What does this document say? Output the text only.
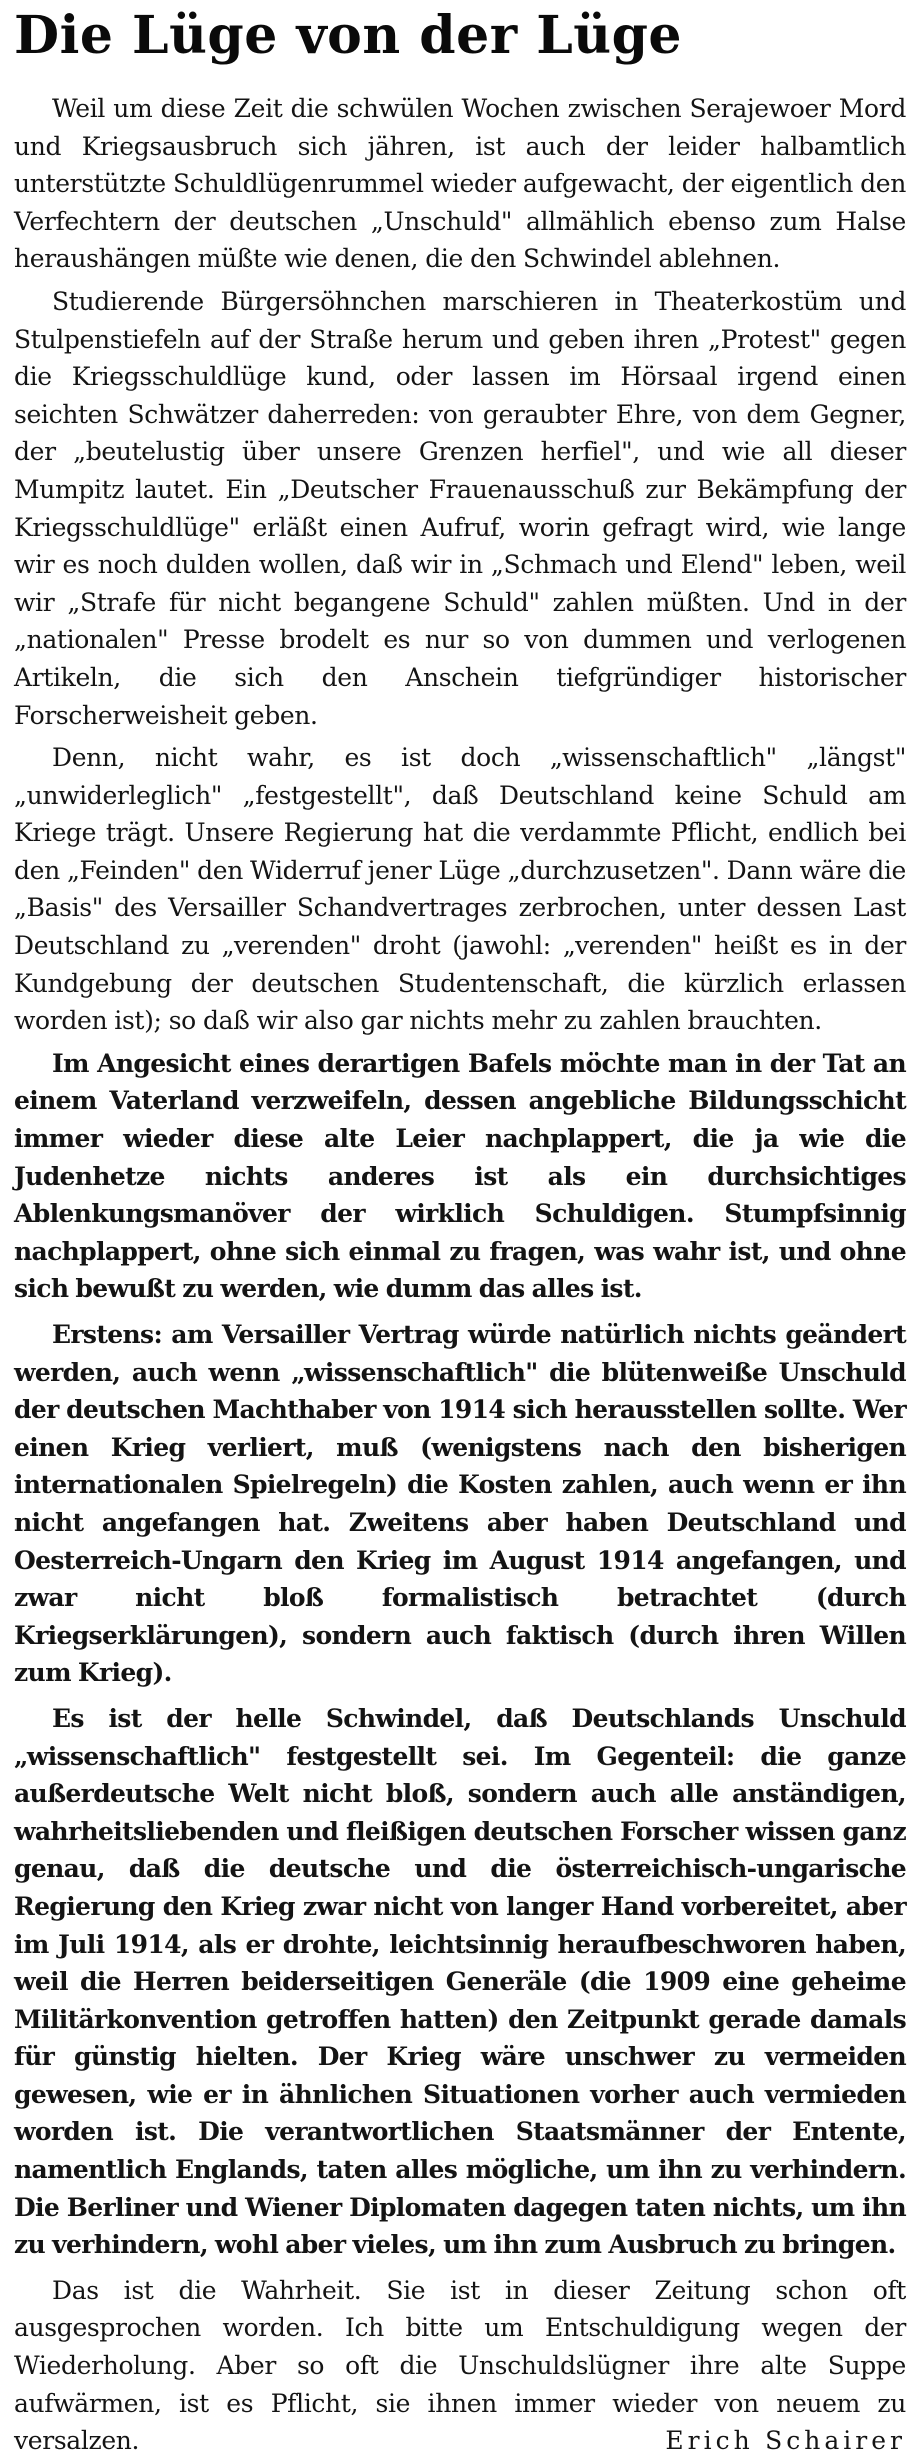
Die Lüge von der Lüge

Weil um diese Zeit die schwülen Wochen zwischen Serajewoer Mord und Kriegsausbruch sich jähren, ist auch der leider halbamtlich unterstützte Schuldlügenrummel wieder aufgewacht, der eigentlich den Verfechtern der deutschen „Unschuld" allmählich ebenso zum Halse heraushängen müßte wie denen, die den Schwindel ablehnen.

Studierende Bürgersöhnchen marschieren in Theaterkostüm und Stulpenstiefeln auf der Straße herum und geben ihren „Protest" gegen die Kriegsschuldlüge kund, oder lassen im Hörsaal irgend einen seichten Schwätzer daherreden: von geraubter Ehre, von dem Gegner, der „beutelustig über unsere Grenzen herfiel", und wie all dieser Mumpitz lautet. Ein „Deutscher Frauenausschuß zur Bekämpfung der Kriegsschuldlüge" erläßt einen Aufruf, worin gefragt wird, wie lange wir es noch dulden wollen, daß wir in „Schmach und Elend" leben, weil wir „Strafe für nicht begangene Schuld" zahlen müßten. Und in der „nationalen" Presse brodelt es nur so von dummen und verlogenen Artikeln, die sich den Anschein tiefgründiger historischer Forscherweisheit geben.

Denn, nicht wahr, es ist doch „wissenschaftlich" „längst" „unwiderleglich" „festgestellt", daß Deutschland keine Schuld am Kriege trägt. Unsere Regierung hat die verdammte Pflicht, endlich bei den „Feinden" den Widerruf jener Lüge „durchzusetzen". Dann wäre die „Basis" des Versailler Schandvertrages zerbrochen, unter dessen Last Deutschland zu „verenden" droht (jawohl: „verenden" heißt es in der Kundgebung der deutschen Studentenschaft, die kürzlich erlassen worden ist); so daß wir also gar nichts mehr zu zahlen brauchten.

Im Angesicht eines derartigen Bafels möchte man in der Tat an einem Vaterland verzweifeln, dessen angebliche Bildungsschicht immer wieder diese alte Leier nachplappert, die ja wie die Judenhetze nichts anderes ist als ein durchsichtiges Ablenkungsmanöver der wirklich Schuldigen. Stumpfsinnig nachplappert, ohne sich einmal zu fragen, was wahr ist, und ohne sich bewußt zu werden, wie dumm das alles ist.

Erstens: am Versailler Vertrag würde natürlich nichts geändert werden, auch wenn „wissenschaftlich" die blütenweiße Unschuld der deutschen Machthaber von 1914 sich herausstellen sollte. Wer einen Krieg verliert, muß (wenigstens nach den bisherigen internationalen Spielregeln) die Kosten zahlen, auch wenn er ihn nicht angefangen hat. Zweitens aber haben Deutschland und Oesterreich-Ungarn den Krieg im August 1914 angefangen, und zwar nicht bloß formalistisch betrachtet (durch Kriegserklärungen), sondern auch faktisch (durch ihren Willen zum Krieg).

Es ist der helle Schwindel, daß Deutschlands Unschuld „wissenschaftlich" festgestellt sei. Im Gegenteil: die ganze außerdeutsche Welt nicht bloß, sondern auch alle anständigen, wahrheitsliebenden und fleißigen deutschen Forscher wissen ganz genau, daß die deutsche und die österreichisch-ungarische Regierung den Krieg zwar nicht von langer Hand vorbereitet, aber im Juli 1914, als er drohte, leichtsinnig heraufbeschworen haben, weil die Herren beiderseitigen Generäle (die 1909 eine geheime Militärkonvention getroffen hatten) den Zeitpunkt gerade damals für günstig hielten. Der Krieg wäre unschwer zu vermeiden gewesen, wie er in ähnlichen Situationen vorher auch vermieden worden ist. Die verantwortlichen Staatsmänner der Entente, namentlich Englands, taten alles mögliche, um ihn zu verhindern. Die Berliner und Wiener Diplomaten dagegen taten nichts, um ihn zu verhindern, wohl aber vieles, um ihn zum Ausbruch zu bringen.

Das ist die Wahrheit. Sie ist in dieser Zeitung schon oft ausgesprochen worden. Ich bitte um Entschuldigung wegen der Wiederholung. Aber so oft die Unschuldslügner ihre alte Suppe aufwärmen, ist es Pflicht, sie ihnen immer wieder von neuem zu versalzen.	Erich Schairer
